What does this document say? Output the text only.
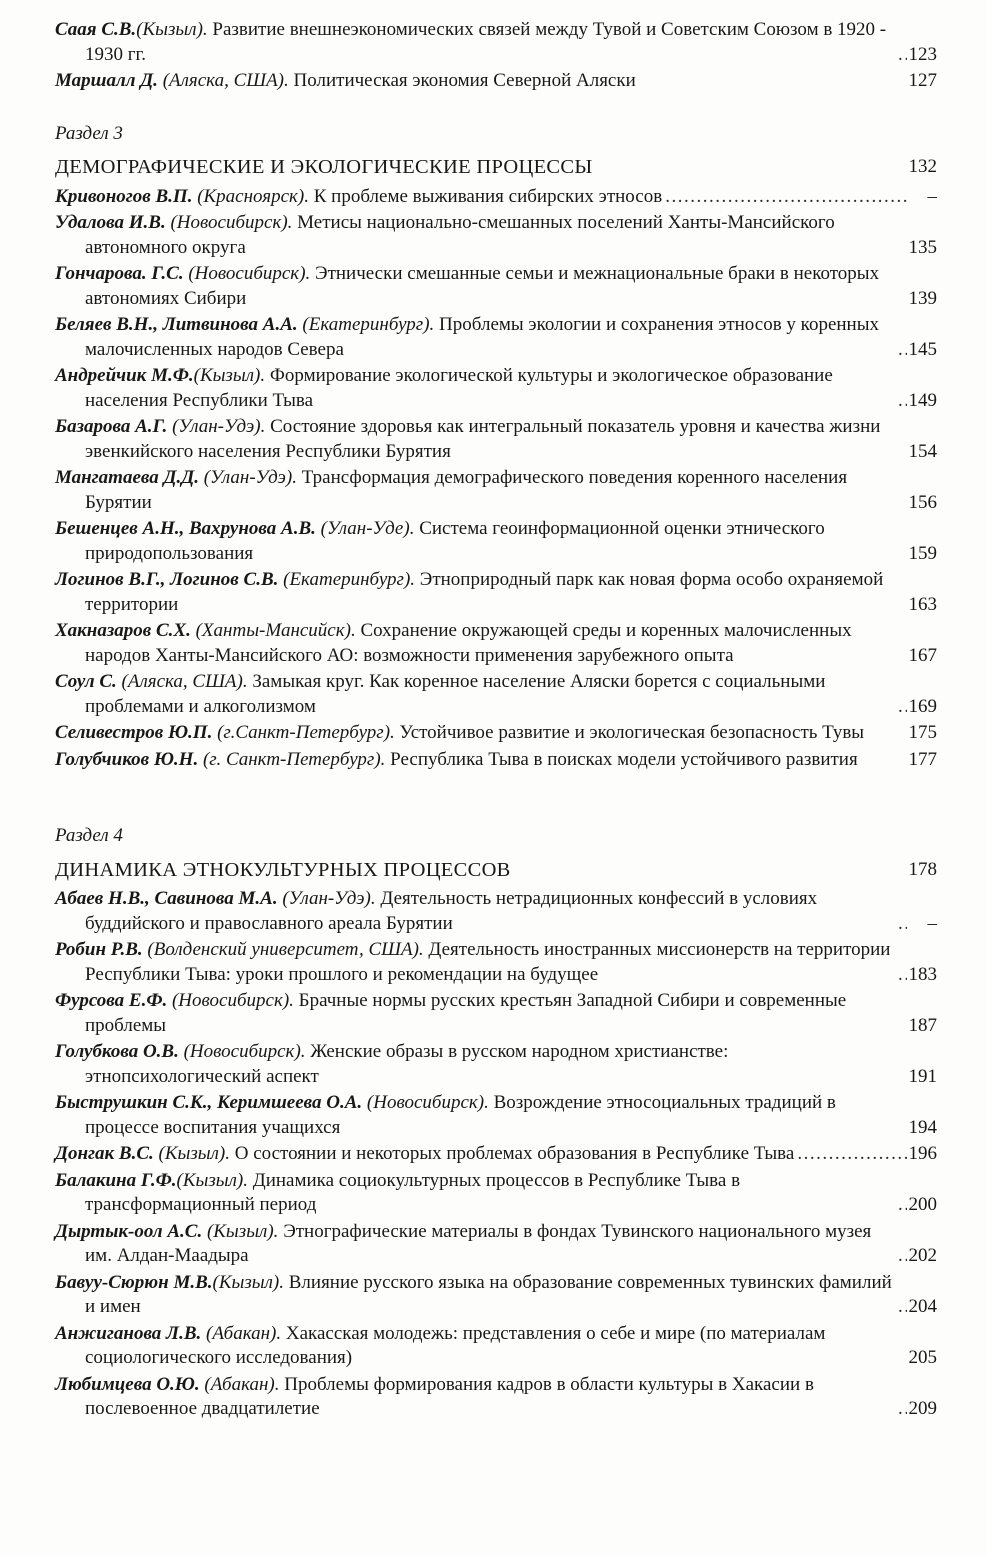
Саая С.В.(Кызыл). Развитие внешнеэкономических связей между Тувой и Советским Союзом в 1920 - 1930 гг. .....	123
Маршалл Д. (Аляска, США). Политическая экономия Северной Аляски	127
Раздел 3
ДЕМОГРАФИЧЕСКИЕ И ЭКОЛОГИЧЕСКИЕ ПРОЦЕССЫ	132
Кривоногов В.П. (Красноярск). К проблеме выживания сибирских этносов .....	–
Удалова И.В. (Новосибирск). Метисы национально-смешанных поселений Ханты-Мансийского автономного округа	135
Гончарова. Г.С. (Новосибирск). Этнически смешанные семьи и межнациональные браки в некоторых автономиях Сибири	139
Беляев В.Н., Литвинова А.А. (Екатеринбург). Проблемы экологии и сохранения этносов у коренных малочисленных народов Севера .....	145
Андрейчик М.Ф.(Кызыл). Формирование экологической культуры и экологическое образование населения Республики Тыва .....	149
Базарова А.Г. (Улан-Удэ). Состояние здоровья как интегральный показатель уровня и качества жизни эвенкийского населения Республики Бурятия	154
Мангатаева Д.Д. (Улан-Удэ). Трансформация демографического поведения коренного населения Бурятии	156
Бешенцев А.Н., Вахрунова А.В. (Улан-Уде). Система геоинформационной оценки этнического природопользования	159
Логинов В.Г., Логинов С.В. (Екатеринбург). Этноприродный парк как новая форма особо охраняемой территории	163
Хакназаров С.Х. (Ханты-Мансийск). Сохранение окружающей среды и коренных малочисленных народов Ханты-Мансийского АО: возможности применения зарубежного опыта	167
Соул С. (Аляска, США). Замыкая круг. Как коренное население Аляски борется с социальными проблемами и алкоголизмом .....	169
Селивестров Ю.П. (г.Санкт-Петербург). Устойчивое развитие и экологическая безопасность Тувы 175
Голубчиков Ю.Н. (г. Санкт-Петербург). Республика Тыва в поисках модели устойчивого развития	177
Раздел 4
ДИНАМИКА ЭТНОКУЛЬТУРНЫХ ПРОЦЕССОВ	178
Абаев Н.В., Савинова М.А. (Улан-Удэ). Деятельность нетрадиционных конфессий в условиях буддийского и православного ареала Бурятии .....	–
Робин Р.В. (Волденский университет, США). Деятельность иностранных миссионерств на территории Республики Тыва: уроки прошлого и рекомендации на будущее .....	183
Фурсова Е.Ф. (Новосибирск). Брачные нормы русских крестьян Западной Сибири и современные проблемы	187
Голубкова О.В. (Новосибирск). Женские образы в русском народном христианстве: этнопсихологический аспект	191
Быструшкин С.К., Керимшеева О.А. (Новосибирск). Возрождение этносоциальных традиций в процессе воспитания учащихся	194
Донгак В.С. (Кызыл). О состоянии и некоторых проблемах образования в Республике Тыва .....	196
Балакина Г.Ф.(Кызыл). Динамика социокультурных процессов в Республике Тыва в трансформационный период .....	200
Дыртык-оол А.С. (Кызыл). Этнографические материалы в фондах Тувинского национального музея им. Алдан-Маадыра .....	202
Бавуу-Сюрюн М.В.(Кызыл). Влияние русского языка на образование современных тувинских фамилий и имен .....	204
Анжиганова Л.В. (Абакан). Хакасская молодежь: представления о себе и мире (по материалам социологического исследования)	205
Любимцева О.Ю. (Абакан). Проблемы формирования кадров в области культуры в Хакасии в послевоенное двадцатилетие .....	209
